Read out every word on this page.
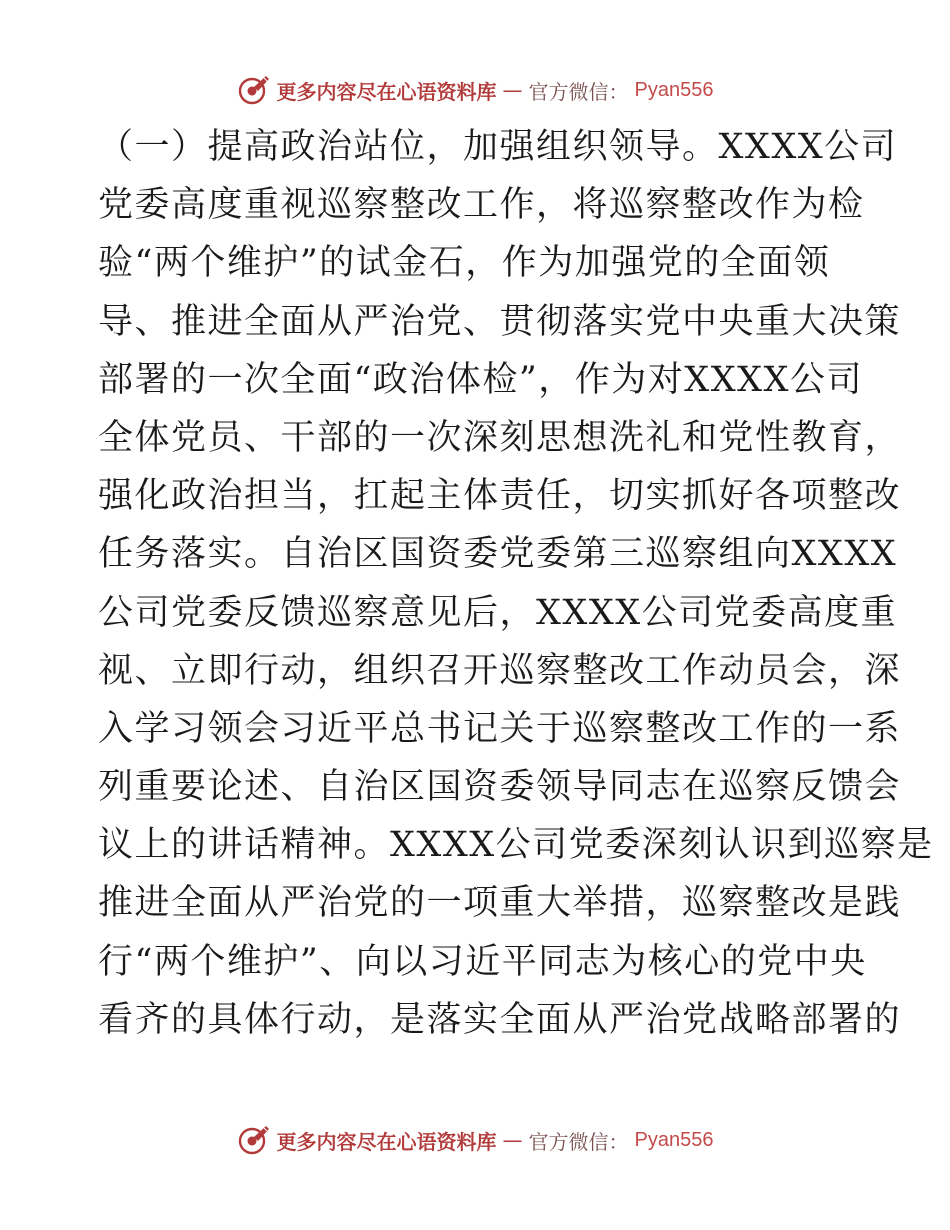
更多内容尽在心语资料库 — 官方微信： Pyan556
（一）提高政治站位，加强组织领导。XXXX公司
党委高度重视巡察整改工作，将巡察整改作为检
验“两个维护”的试金石，作为加强党的全面领
导、推进全面从严治党、贯彻落实党中央重大决策
部署的一次全面“政治体检”，作为对XXXX公司
全体党员、干部的一次深刻思想洗礼和党性教育，
强化政治担当，扛起主体责任，切实抓好各项整改
任务落实。自治区国资委党委第三巡察组向XXXX
公司党委反馈巡察意见后，XXXX公司党委高度重
视、立即行动，组织召开巡察整改工作动员会，深
入学习领会习近平总书记关于巡察整改工作的一系
列重要论述、自治区国资委领导同志在巡察反馈会
议上的讲话精神。XXXX公司党委深刻认识到巡察是
推进全面从严治党的一项重大举措，巡察整改是践
行“两个维护”、向以习近平同志为核心的党中央
看齐的具体行动，是落实全面从严治党战略部署的
更多内容尽在心语资料库 — 官方微信： Pyan556
